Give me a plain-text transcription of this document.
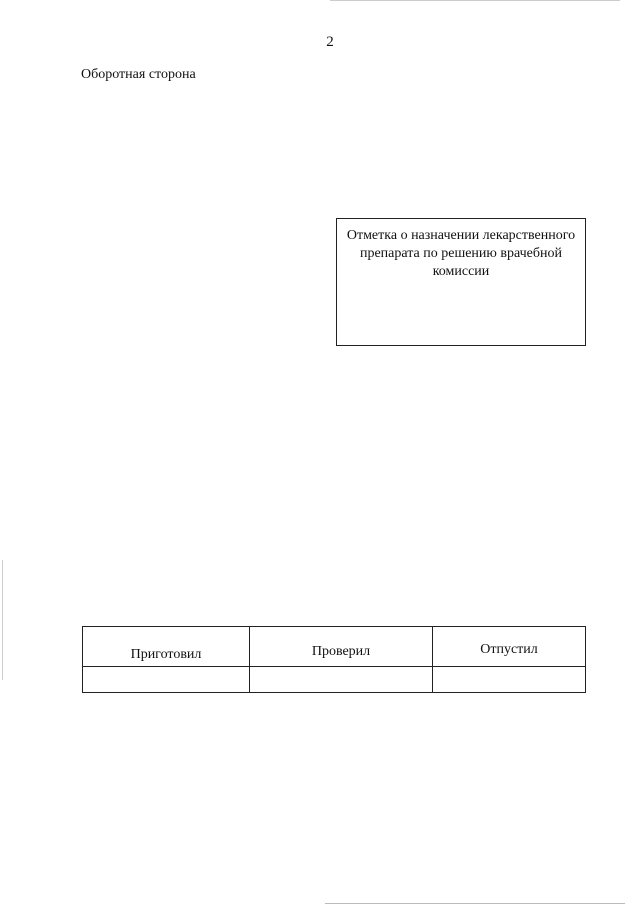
2
Оборотная сторона
Отметка о назначении лекарственного препарата по решению врачебной комиссии
Приготовил	Проверил	Отпустил
